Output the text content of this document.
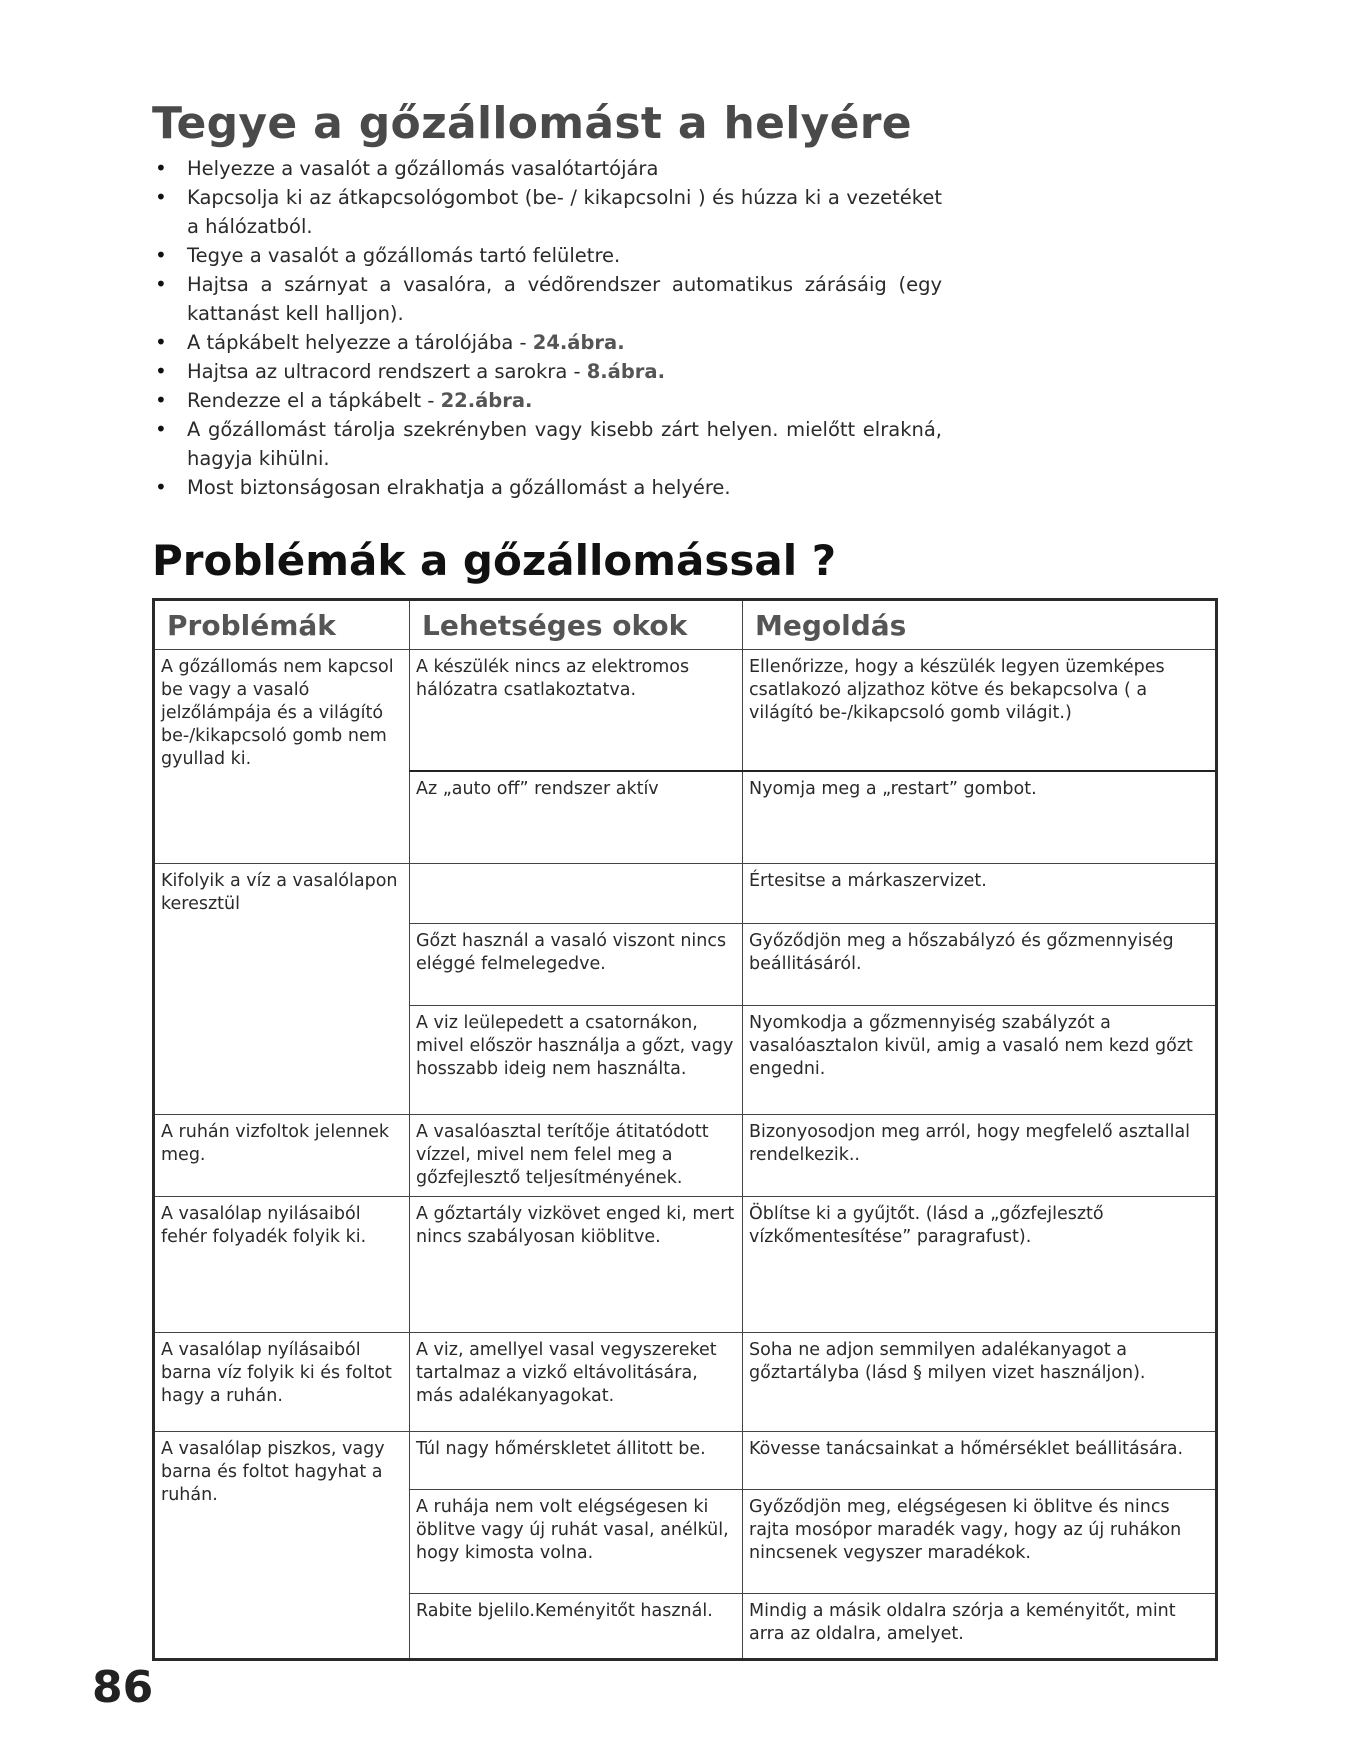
Tegye a gőzállomást a helyére
• Helyezze a vasalót a gőzállomás vasalótartójára
• Kapcsolja ki az átkapcsológombot (be- / kikapcsolni ) és húzza ki a vezetéket a hálózatból.
• Tegye a vasalót a gőzállomás tartó felületre.
• Hajtsa a szárnyat a vasalóra, a védõrendszer automatikus zárásáig (egy kattanást kell halljon).
• A tápkábelt helyezze a tárolójába - 24.ábra.
• Hajtsa az ultracord rendszert a sarokra - 8.ábra.
• Rendezze el a tápkábelt - 22.ábra.
• A gőzállomást tárolja szekrényben vagy kisebb zárt helyen. mielőtt elrakná, hagyja kihülni.
• Most biztonságosan elrakhatja a gőzállomást a helyére.
Problémák a gőzállomással ?
Problémák	Lehetséges okok	Megoldás
A gőzállomás nem kapcsol be vagy a vasaló jelzőlámpája és a világító be-/kikapcsoló gomb nem gyullad ki.	A készülék nincs az elektromos hálózatra csatlakoztatva.	Ellenőrizze, hogy a készülék legyen üzemképes csatlakozó aljzathoz kötve és bekapcsolva ( a világító be-/kikapcsoló gomb világit.)
	Az „auto off” rendszer aktív	Nyomja meg a „restart” gombot.
Kifolyik a víz a vasalólapon keresztül		Értesitse a márkaszervizet.
	Gőzt használ a vasaló viszont nincs eléggé felmelegedve.	Győződjön meg a hőszabályzó és gőzmennyiség beállitásáról.
	A viz leülepedett a csatornákon, mivel először használja a gőzt, vagy hosszabb ideig nem használta.	Nyomkodja a gőzmennyiség szabályzót a vasalóasztalon kivül, amig a vasaló nem kezd gőzt engedni.
A ruhán vizfoltok jelennek meg.	A vasalóasztal terítője átitatódott vízzel, mivel nem felel meg a gőzfejlesztő teljesítményének.	Bizonyosodjon meg arról, hogy megfelelő asztallal rendelkezik..
A vasalólap nyilásaiból fehér folyadék folyik ki.	A gőztartály vizkövet enged ki, mert nincs szabályosan kiöblitve.	Öblítse ki a gyűjtőt. (lásd a „gőzfejlesztő vízkőmentesítése” paragrafust).
A vasalólap nyílásaiból barna víz folyik ki és foltot hagy a ruhán.	A viz, amellyel vasal vegyszereket tartalmaz a vizkő eltávolitására, más adalékanyagokat.	Soha ne adjon semmilyen adalékanyagot a gőztartályba (lásd § milyen vizet használjon).
A vasalólap piszkos, vagy barna és foltot hagyhat a ruhán.	Túl nagy hőmérskletet állitott be.	Kövesse tanácsainkat a hőmérséklet beállitására.
	A ruhája nem volt elégségesen ki öblitve vagy új ruhát vasal, anélkül, hogy kimosta volna.	Győződjön meg, elégségesen ki öblitve és nincs rajta mosópor maradék vagy, hogy az új ruhákon nincsenek vegyszer maradékok.
	Rabite bjelilo.Keményitőt használ.	Mindig a másik oldalra szórja a keményitőt, mint arra az oldalra, amelyet.
86
